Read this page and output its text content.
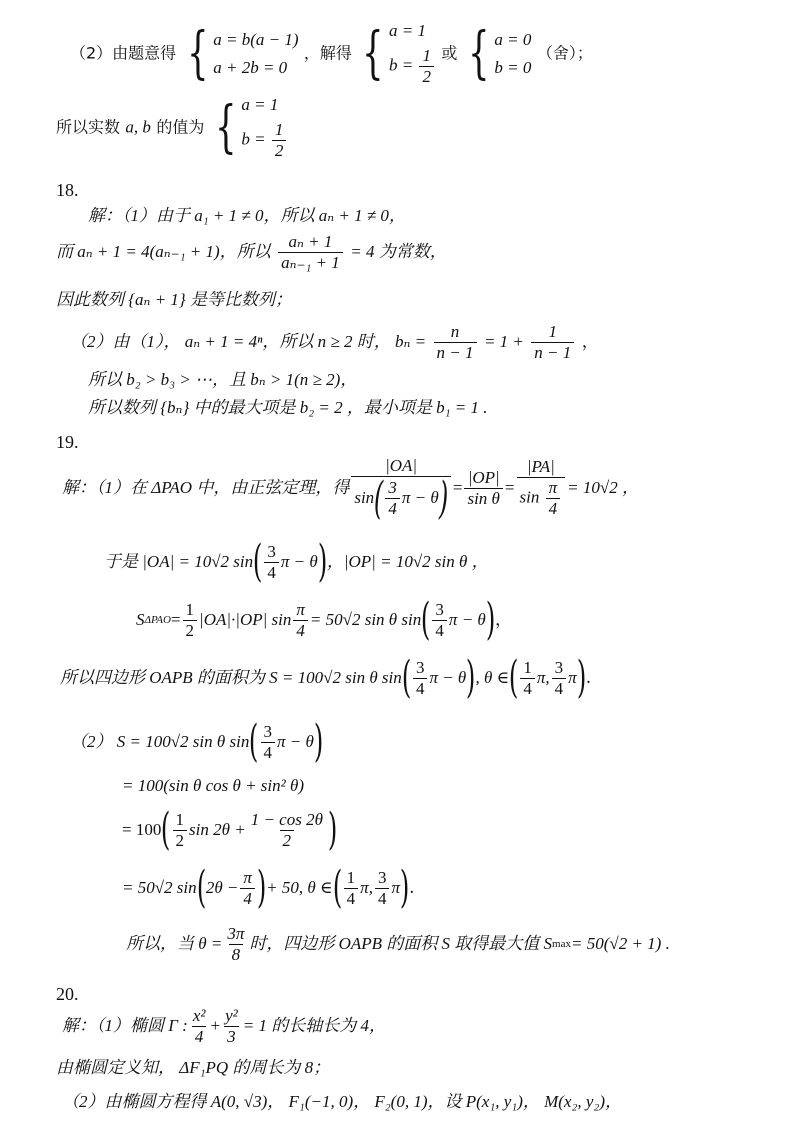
（2）由题意得 { a = b(a − 1)
a + 2b = 0
，解得 { a = 1
$b = \frac{1}{2}$ 或 { a = 0
b = 0
（舍）；
所以实数 a, b 的值为 { a = 1
$b = \frac{1}{2}$
18.
解：（1）由于 a₁ + 1 ≠ 0，所以 aₙ + 1 ≠ 0，
而 aₙ + 1 = 4(aₙ₋₁ + 1)，所以 $\frac{\text{aₙ + 1}}{\text{aₙ₋₁ + 1}} = 4$ 为常数，
因此数列 {aₙ + 1} 是等比数列；
（2）由（1）， aₙ + 1 = 4ⁿ，所以 n ≥ 2 时， $b_n = \frac{n}{n - 1} = 1 + \frac{1}{n - 1}$ ，
所以 b₂ > b₃ > ⋯，且 bₙ > 1(n ≥ 2)，
所以数列 {bₙ} 中的最大项是 b₂ = 2 ，最小项是 b₁ = 1 .
19.
解：（1）在 ΔPAO 中，由正弦定理，得 $\frac{|OA|}{\sin( \frac{3}{4} \pi - \theta)} = \frac{|OP|}{\text{sin θ}} = \frac{|PA|}{\sin \frac{\pi}{4}} = 10√2$ ，
于是 |OA| = 10√2 sin ( $\frac{3}{4}$ π − θ ) ，|OP| = 10√2 sin θ ，
S $\Delta PAO = \frac{1}{2} |OA|\cdot|OP|$ $\sin \frac{\pi}{4} = 50√2$ sin θ sin ( $\frac{3}{4}$ π − θ ) ，
所以四边形 OAPB 的面积为 S = 100√2 sin θ sin ( $\frac{3}{4}$ π − θ ) , θ ∈ ( $\frac{1}{4} \pi$, $\frac{3}{4}$ π ) .
（2） S = 100√2 sin θ sin ( $\frac{3}{4}$ π − θ )
= 100(sin θ cos θ + sin² θ)
= 100 ( $\frac{1}{2}$ $\sin 2\theta + \frac{1 - \cos 2\theta}{2}$ )
= 50√2 sin ( $2\theta - \frac{\pi}{4}$ ) + 50, θ ∈ ( $\frac{1}{4} \pi$, $\frac{3}{4}$ π ) .
所以，当 $\theta = \frac{3\pi}{8}$ 时，四边形 OAPB 的面积 S 取得最大值 S max = 50(√2 + 1) .
20.
解：（1）椭圆 Γ : $\frac{\text{x²}}{4} + \frac{\text{y²}}{3} = 1$ 的长轴长为 4，
由椭圆定义知， ΔF₁PQ 的周长为 8；
（2）由椭圆方程得 A(0, √3)， F₁(−1, 0)， F₂(0, 1)，设 P(x₁, y₁)， M(x₂, y₂)，
